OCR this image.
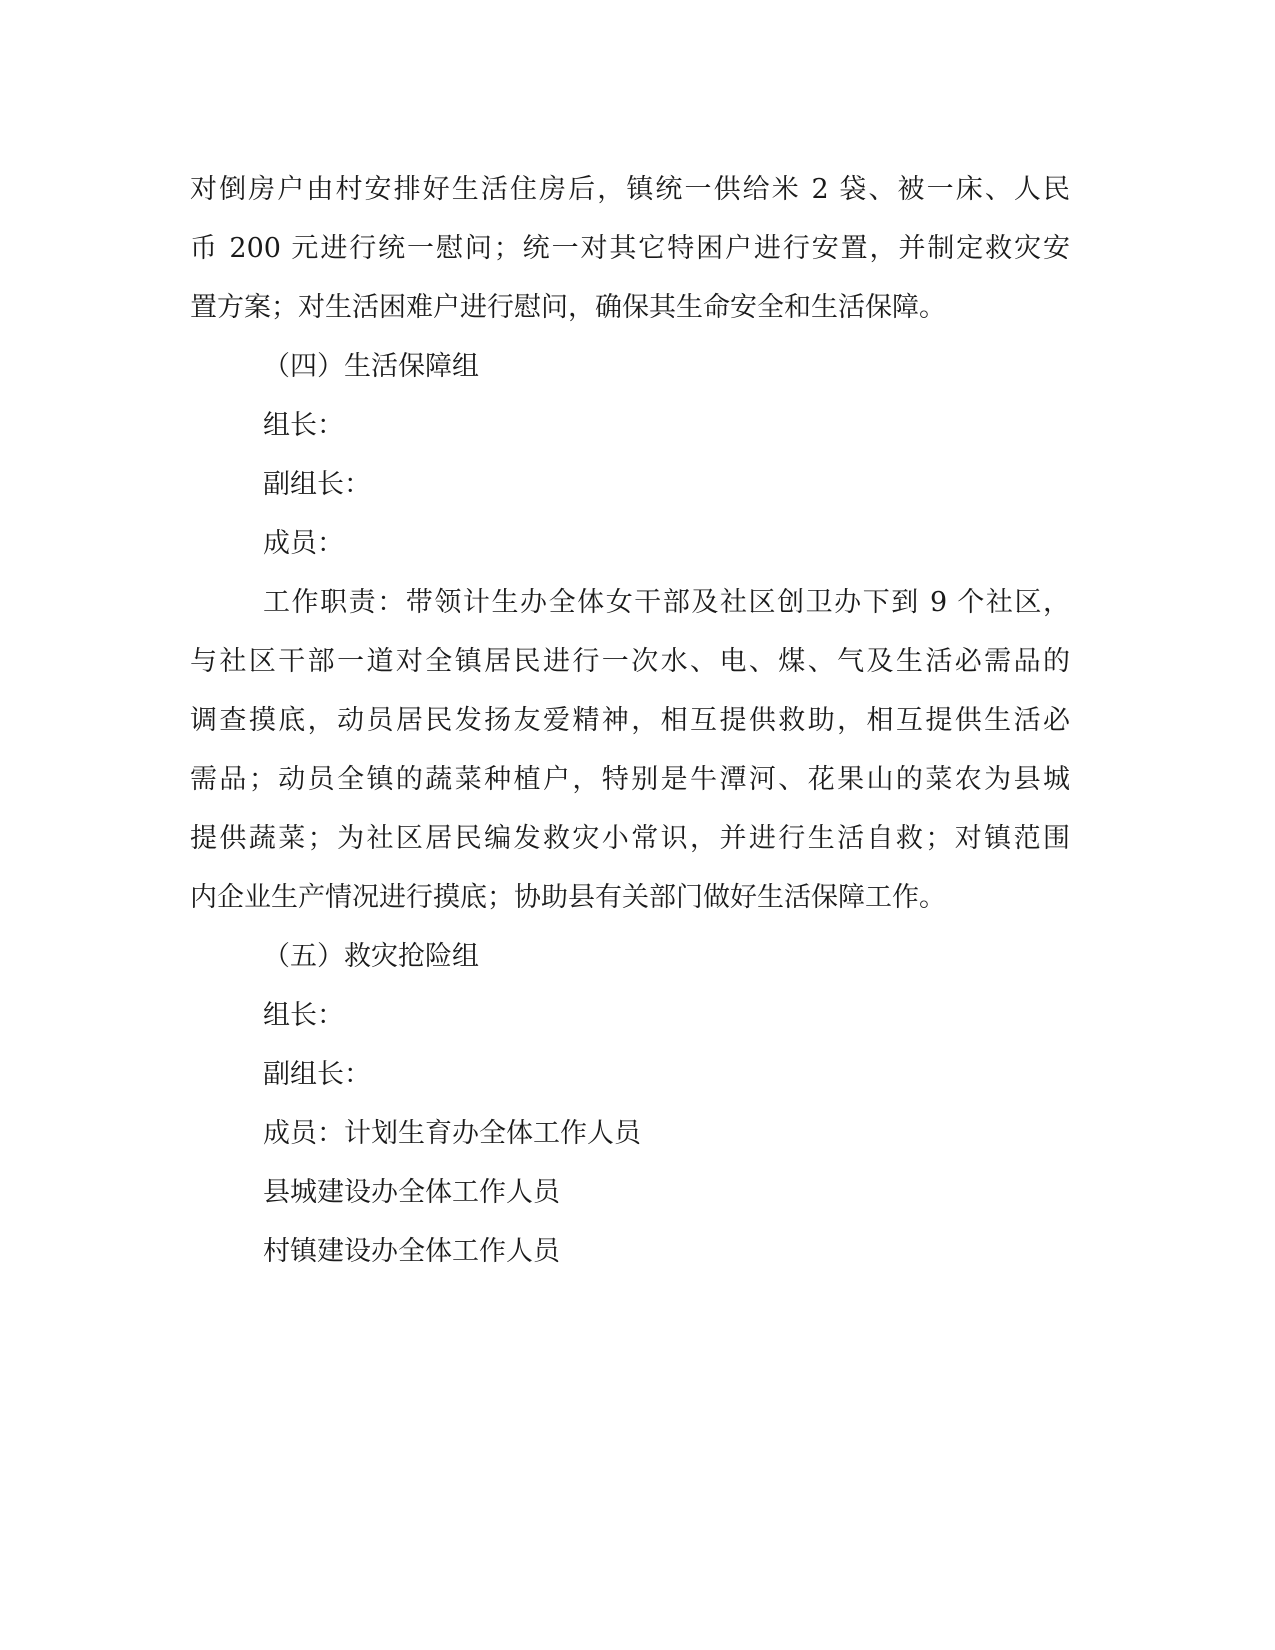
对倒房户由村安排好生活住房后，镇统一供给米 2 袋、被一床、人民
币 200 元进行统一慰问；统一对其它特困户进行安置，并制定救灾安
置方案；对生活困难户进行慰问，确保其生命安全和生活保障。
（四）生活保障组
组长：
副组长：
成员：
工作职责：带领计生办全体女干部及社区创卫办下到 9 个社区，
与社区干部一道对全镇居民进行一次水、电、煤、气及生活必需品的
调查摸底，动员居民发扬友爱精神，相互提供救助，相互提供生活必
需品；动员全镇的蔬菜种植户，特别是牛潭河、花果山的菜农为县城
提供蔬菜；为社区居民编发救灾小常识，并进行生活自救；对镇范围
内企业生产情况进行摸底；协助县有关部门做好生活保障工作。
（五）救灾抢险组
组长：
副组长：
成员：计划生育办全体工作人员
县城建设办全体工作人员
村镇建设办全体工作人员
